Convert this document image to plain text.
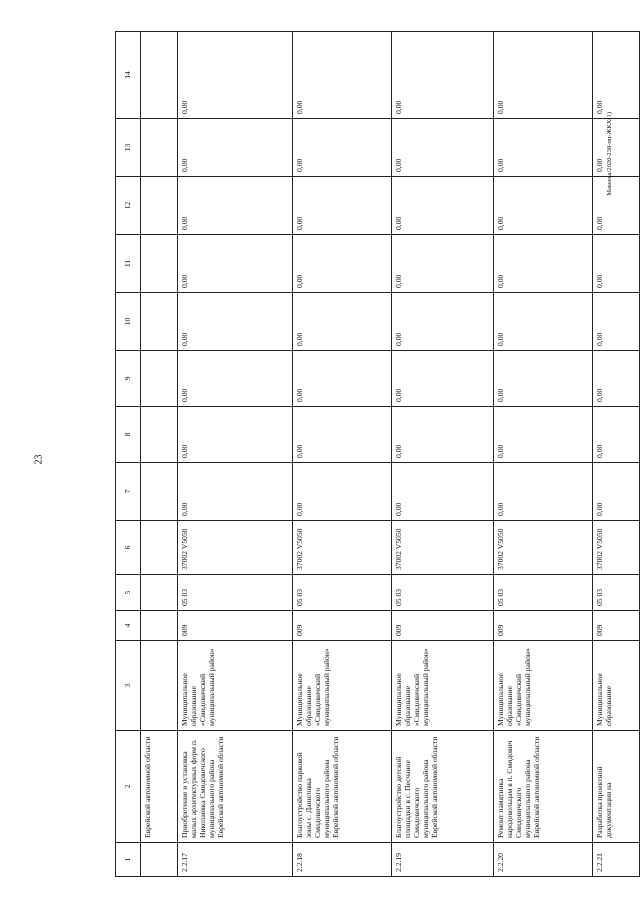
23
Макеева/2020-238-пп-ЖКХ(1)
1	2	3	4	5	6	7	8	9	10	11	12	13	14
	Еврейской автономной области												
2.2.17	Приобретение и установка малых архитектурных форм п. Николаевка Смидовичского муниципального района Еврейской автономной области	Муниципальное образование «Смидовичский муниципальный район»	009	05 03	37002 V5050	0,00	0,00	0,00	0,00	0,00	0,00	0,00	0,00
2.2.18	Благоустройство парковой зоны с. Даниловка Смидовичского муниципального района Еврейской автономной области	Муниципальное образование «Смидовичский муниципальный район»	009	05 03	37002 V5050	0,00	0,00	0,00	0,00	0,00	0,00	0,00	0,00
2.2.19	Благоустройство детской площадки в с. Песчаное Смидовичского муниципального района Еврейской автономной области	Муниципальное образование «Смидовичский муниципальный район»	009	05 03	37002 V5050	0,00	0,00	0,00	0,00	0,00	0,00	0,00	0,00
2.2.20	Ремонт памятника народовольцам в п. Смидович Смидовичского муниципального района Еврейской автономной области	Муниципальное образование «Смидовичский муниципальный район»	009	05 03	37002 V5050	0,00	0,00	0,00	0,00	0,00	0,00	0,00	0,00
2.2.21	Разработка проектной документации на	Муниципальное образование	009	05 03	37002 V5050	0,00	0,00	0,00	0,00	0,00	0,00	0,00	0,00
